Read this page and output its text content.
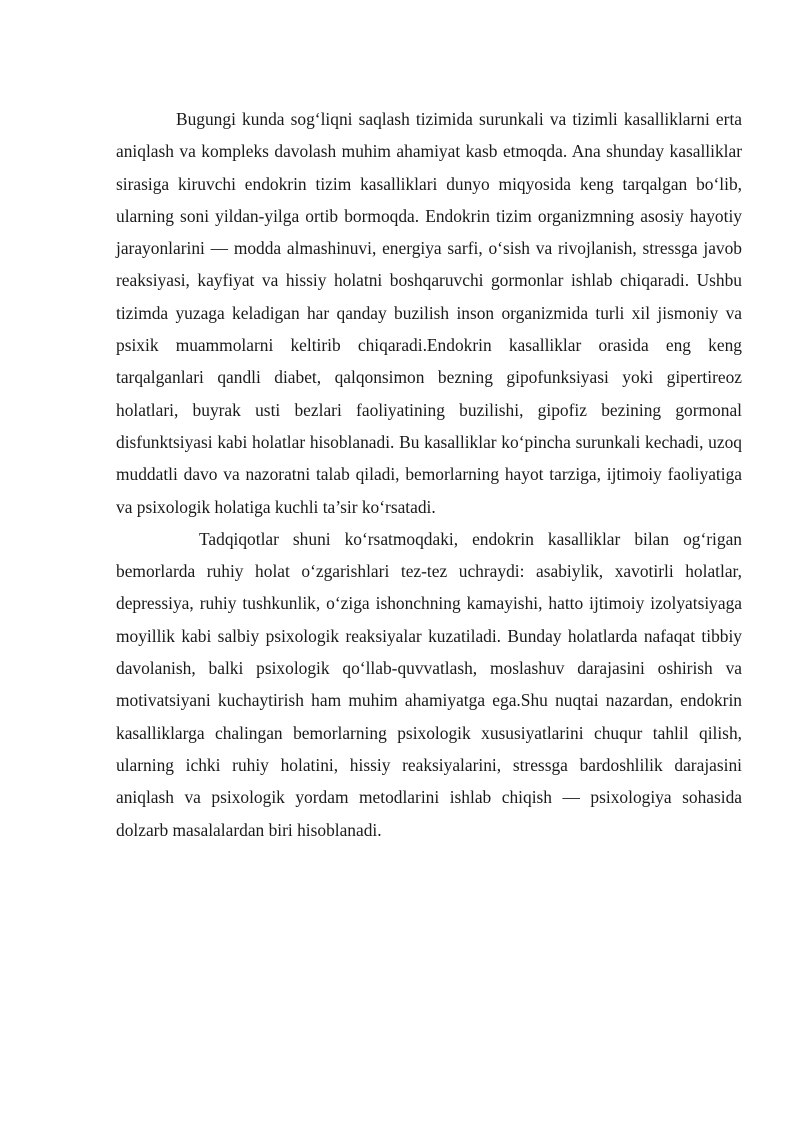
Bugungi kunda sog‘liqni saqlash tizimida surunkali va tizimli kasalliklarni erta aniqlash va kompleks davolash muhim ahamiyat kasb etmoqda. Ana shunday kasalliklar sirasiga kiruvchi endokrin tizim kasalliklari dunyo miqyosida keng tarqalgan bo‘lib, ularning soni yildan-yilga ortib bormoqda. Endokrin tizim organizmning asosiy hayotiy jarayonlarini — modda almashinuvi, energiya sarfi, o‘sish va rivojlanish, stressga javob reaksiyasi, kayfiyat va hissiy holatni boshqaruvchi gormonlar ishlab chiqaradi. Ushbu tizimda yuzaga keladigan har qanday buzilish inson organizmida turli xil jismoniy va psixik muammolarni keltirib chiqaradi.Endokrin kasalliklar orasida eng keng tarqalganlari qandli diabet, qalqonsimon bezning gipofunksiyasi yoki gipertireoz holatlari, buyrak usti bezlari faoliyatining buzilishi, gipofiz bezining gormonal disfunktsiyasi kabi holatlar hisoblanadi. Bu kasalliklar ko‘pincha surunkali kechadi, uzoq muddatli davo va nazoratni talab qiladi, bemorlarning hayot tarziga, ijtimoiy faoliyatiga va psixologik holatiga kuchli ta’sir ko‘rsatadi.

Tadqiqotlar shuni ko‘rsatmoqdaki, endokrin kasalliklar bilan og‘rigan bemorlarda ruhiy holat o‘zgarishlari tez-tez uchraydi: asabiylik, xavotirli holatlar, depressiya, ruhiy tushkunlik, o‘ziga ishonchning kamayishi, hatto ijtimoiy izolyatsiyaga moyillik kabi salbiy psixologik reaksiyalar kuzatiladi. Bunday holatlarda nafaqat tibbiy davolanish, balki psixologik qo‘llab-quvvatlash, moslashuv darajasini oshirish va motivatsiyani kuchaytirish ham muhim ahamiyatga ega.Shu nuqtai nazardan, endokrin kasalliklarga chalingan bemorlarning psixologik xususiyatlarini chuqur tahlil qilish, ularning ichki ruhiy holatini, hissiy reaksiyalarini, stressga bardoshlilik darajasini aniqlash va psixologik yordam metodlarini ishlab chiqish — psixologiya sohasida dolzarb masalalardan biri hisoblanadi.
